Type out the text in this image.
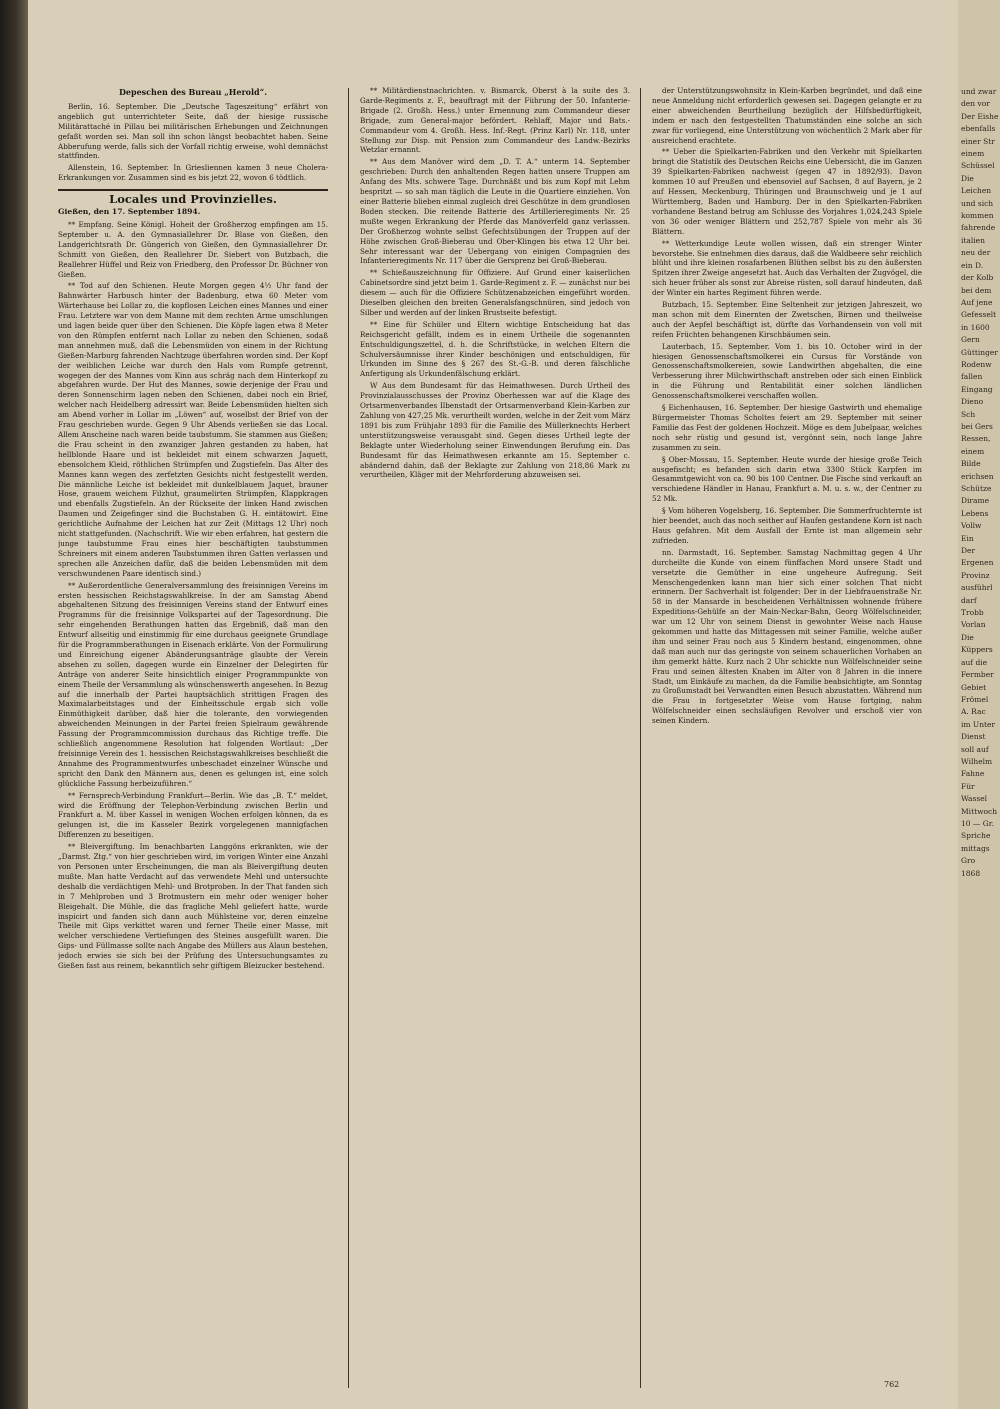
Depeschen des Bureau „Herold“.

Berlin, 16. September. Die „Deutsche Tageszeitung“ erfährt von angeblich gut unterrichteter Seite, daß der hiesige russische Militärattaché in Pillau bei militärischen Erhebungen und Zeichnungen gefaßt worden sei. Man soll ihn schon längst beobachtet haben. Seine Abberufung werde, falls sich der Vorfall richtig erweise, wohl demnächst stattfinden.

Allenstein, 16. September. In Griesliennen kamen 3 neue Cholera-Erkrankungen vor. Zusammen sind es bis jetzt 22, wovon 6 tödtlich.

Locales und Provinzielles.

Gießen, den 17. September 1894.

** Empfang. Seine Königl. Hoheit der Großherzog empfingen am 15. September u. A. den Gymnasiallehrer Dr. Blase von Gießen, den Landgerichtsrath Dr. Güngerich von Gießen, den Gymnasiallehrer Dr. Schmitt von Gießen, den Reallehrer Dr. Siebert von Butzbach, die Reallehrer Hüffel und Reiz von Friedberg, den Professor Dr. Büchner von Gießen.

** Tod auf den Schienen. Heute Morgen gegen 4½ Uhr fand der Bahnwärter Harbusch hinter der Badenburg, etwa 60 Meter vom Wärterhause bei Lollar zu, die kopflosen Leichen eines Mannes und einer Frau. Letztere war von dem Manne mit dem rechten Arme umschlungen und lagen beide quer über den Schienen. Die Köpfe lagen etwa 8 Meter von den Rümpfen entfernt nach Lollar zu neben den Schienen, sodaß man annehmen muß, daß die Lebensmüden von einem in der Richtung Gießen-Marburg fahrenden Nachtzuge überfahren worden sind. Der Kopf der weiblichen Leiche war durch den Hals vom Rumpfe getrennt, wogegen der des Mannes vom Kinn aus schräg nach dem Hinterkopf zu abgefahren wurde. Der Hut des Mannes, sowie derjenige der Frau und deren Sonnenschirm lagen neben den Schienen, dabei noch ein Brief, welcher nach Heidelberg adressirt war. Beide Lebensmüden hielten sich am Abend vorher in Lollar im „Löwen“ auf, woselbst der Brief von der Frau geschrieben wurde. Gegen 9 Uhr Abends verließen sie das Local. Allem Anscheine nach waren beide taubstumm. Sie stammen aus Gießen; die Frau scheint in den zwanziger Jahren gestanden zu haben, hat hellblonde Haare und ist bekleidet mit einem schwarzen Jaquett, ebensolchem Kleid, röthlichen Strümpfen und Zugstiefeln. Das Alter des Mannes kann wegen des zerfetzten Gesichts nicht festgestellt werden. Die männliche Leiche ist bekleidet mit dunkelblauem Jaquet, brauner Hose, grauem weichem Filzhut, graumelirten Strümpfen, Klappkragen und ebenfalls Zugstiefeln. An der Rückseite der linken Hand zwischen Daumen und Zeigefinger sind die Buchstaben G. H. eintätowirt. Eine gerichtliche Aufnahme der Leichen hat zur Zeit (Mittags 12 Uhr) noch nicht stattgefunden. (Nachschrift. Wie wir eben erfahren, hat gestern die junge taubstumme Frau eines hier beschäftigten taubstummen Schreiners mit einem anderen Taubstummen ihren Gatten verlassen und sprechen alle Anzeichen dafür, daß die beiden Lebensmüden mit dem verschwundenen Paare identisch sind.)

** Außerordentliche Generalversammlung des freisinnigen Vereins im ersten hessischen Reichstagswahlkreise. In der am Samstag Abend abgehaltenen Sitzung des freisinnigen Vereins stand der Entwurf eines Programms für die freisinnige Volkspartei auf der Tagesordnung. Die sehr eingehenden Berathungen hatten das Ergebniß, daß man den Entwurf allseitig und einstimmig für eine durchaus geeignete Grundlage für die Programmberathungen in Eisenach erklärte. Von der Formulirung und Einreichung eigener Abänderungsanträge glaubte der Verein absehen zu sollen, dagegen wurde ein Einzelner der Delegirten für Anträge von anderer Seite hinsichtlich einiger Programmpunkte von einem Theile der Versammlung als wünschenswerth angesehen. In Bezug auf die innerhalb der Partei hauptsächlich strittigen Fragen des Maximalarbeitstages und der Einheitsschule ergab sich volle Einmüthigkeit darüber, daß hier die tolerante, den vorwiegenden abweichenden Meinungen in der Partei freien Spielraum gewährende Fassung der Programmcommission durchaus das Richtige treffe. Die schließlich angenommene Resolution hat folgenden Wortlaut: „Der freisinnige Verein des 1. hessischen Reichstagswahlkreises beschließt die Annahme des Programmentwurfes unbeschadet einzelner Wünsche und spricht den Dank den Männern aus, denen es gelungen ist, eine solch glückliche Fassung herbeizuführen.“

** Fernsprech-Verbindung Frankfurt—Berlin. Wie das „B. T.“ meldet, wird die Eröffnung der Telephon-Verbindung zwischen Berlin und Frankfurt a. M. über Kassel in wenigen Wochen erfolgen können, da es gelungen ist, die im Kasseler Bezirk vorgelegenen mannigfachen Differenzen zu beseitigen.

** Bleivergiftung. Im benachbarten Langgöns erkrankten, wie der „Darmst. Ztg.“ von hier geschrieben wird, im vorigen Winter eine Anzahl von Personen unter Erscheinungen, die man als Bleivergiftung deuten mußte. Man hatte Verdacht auf das verwendete Mehl und untersuchte deshalb die verdächtigen Mehl- und Brotproben. In der That fanden sich in 7 Mehlproben und 3 Brotmustern ein mehr oder weniger hoher Bleigehalt. Die Mühle, die das fragliche Mehl geliefert hatte, wurde inspicirt und fanden sich dann auch Mühlsteine vor, deren einzelne Theile mit Gips verkittet waren und ferner Theile einer Masse, mit welcher verschiedene Vertiefungen des Steines ausgefüllt waren. Die Gips- und Füllmasse sollte nach Angabe des Müllers aus Alaun bestehen, jedoch erwies sie sich bei der Prüfung des Untersuchungsamtes zu Gießen fast aus reinem, bekanntlich sehr giftigem Bleizucker bestehend.

** Militärdienstnachrichten. v. Bismarck, Oberst à la suite des 3. Garde-Regiments z. F., beauftragt mit der Führung der 50. Infanterie-Brigade (2. Großh. Hess.) unter Ernennung zum Commandeur dieser Brigade, zum General-major befördert. Rehlaff, Major und Bats.-Commandeur vom 4. Großh. Hess. Inf.-Regt. (Prinz Karl) Nr. 118, unter Stellung zur Disp. mit Pension zum Commandeur des Landw.-Bezirks Wetzlar ernannt.

** Aus dem Manöver wird dem „D. T. A.“ unterm 14. September geschrieben: Durch den anhaltenden Regen hatten unsere Truppen am Anfang des Mts. schwere Tage. Durchnäßt und bis zum Kopf mit Lehm bespritzt — so sah man täglich die Leute in die Quartiere einziehen. Von einer Batterie blieben einmal zugleich drei Geschütze in dem grundlosen Boden stecken. Die reitende Batterie des Artillerieregiments Nr. 25 mußte wegen Erkrankung der Pferde das Manöverfeld ganz verlassen. Der Großherzog wohnte selbst Gefechtsübungen der Truppen auf der Höhe zwischen Groß-Bieberau und Ober-Klingen bis etwa 12 Uhr bei. Sehr interessant war der Uebergang von einigen Compagnien des Infanterieregiments Nr. 117 über die Gersprenz bei Groß-Bieberau.

** Schießauszeichnung für Offiziere. Auf Grund einer kaiserlichen Cabinetsordre sind jetzt beim 1. Garde-Regiment z. F. — zunächst nur bei diesem — auch für die Offiziere Schützenabzeichen eingeführt worden. Dieselben gleichen den breiten Generalsfangschnüren, sind jedoch von Silber und werden auf der linken Brustseite befestigt.

** Eine für Schüler und Eltern wichtige Entscheidung hat das Reichsgericht gefällt, indem es in einem Urtheile die sogenannten Entschuldigungszettel, d. h. die Schriftstücke, in welchen Eltern die Schulversäumnisse ihrer Kinder beschönigen und entschuldigen, für Urkunden im Sinne des § 267 des St.-G.-B. und deren fälschliche Anfertigung als Urkundenfälschung erklärt.

W Aus dem Bundesamt für das Heimathwesen. Durch Urtheil des Provinzialausschusses der Provinz Oberhessen war auf die Klage des Ortsarmenverbandes Ilbenstadt der Ortsarmenverband Klein-Karben zur Zahlung von 427,25 Mk. verurtheilt worden, welche in der Zeit vom März 1891 bis zum Frühjahr 1893 für die Familie des Müllerknechts Herbert unterstützungsweise verausgabt sind. Gegen dieses Urtheil legte der Beklagte unter Wiederholung seiner Einwendungen Berufung ein. Das Bundesamt für das Heimathwesen erkannte am 15. September c. abändernd dahin, daß der Beklagte zur Zahlung von 218,86 Mark zu verurtheilen, Kläger mit der Mehrforderung abzuweisen sei.

der Unterstützungswohnsitz in Klein-Karben begründet, und daß eine neue Anmeldung nicht erforderlich gewesen sei. Dagegen gelangte er zu einer abweichenden Beurtheilung bezüglich der Hilfsbedürftigkeit, indem er nach den festgestellten Thatumständen eine solche an sich zwar für vorliegend, eine Unterstützung von wöchentlich 2 Mark aber für ausreichend erachtete.

** Ueber die Spielkarten-Fabriken und den Verkehr mit Spielkarten bringt die Statistik des Deutschen Reichs eine Uebersicht, die im Ganzen 39 Spielkarten-Fabriken nachweist (gegen 47 in 1892/93). Davon kommen 10 auf Preußen und ebensoviel auf Sachsen, 8 auf Bayern, je 2 auf Hessen, Meckenburg, Thüringen und Braunschweig und je 1 auf Württemberg, Baden und Hamburg. Der in den Spielkarten-Fabriken vorhandene Bestand betrug am Schlusse des Vorjahres 1,024,243 Spiele von 36 oder weniger Blättern und 252,787 Spiele von mehr als 36 Blättern.

** Wetterkundige Leute wollen wissen, daß ein strenger Winter bevorstehe. Sie entnehmen dies daraus, daß die Waldbeere sehr reichlich blüht und ihre kleinen rosafarbenen Blüthen selbst bis zu den äußersten Spitzen ihrer Zweige angesetzt hat. Auch das Verhalten der Zugvögel, die sich heuer früher als sonst zur Abreise rüsten, soll darauf hindeuten, daß der Winter ein hartes Regiment führen werde.

Butzbach, 15. September. Eine Seltenheit zur jetzigen Jahreszeit, wo man schon mit dem Einernten der Zwetschen, Birnen und theilweise auch der Aepfel beschäftigt ist, dürfte das Vorhandensein von voll mit reifen Früchten behangenen Kirschbäumen sein.

Lauterbach, 15. September. Vom 1. bis 10. October wird in der hiesigen Genossenschaftsmolkerei ein Cursus für Vorstände von Genossenschaftsmolkereien, sowie Landwirthen abgehalten, die eine Verbesserung ihrer Milchwirthschaft anstreben oder sich einen Einblick in die Führung und Rentabilität einer solchen ländlichen Genossenschaftsmolkerei verschaffen wollen.

§ Eichenhausen, 16. September. Der hiesige Gastwirth und ehemalige Bürgermeister Thomas Scholtes feiert am 29. September mit seiner Familie das Fest der goldenen Hochzeit. Möge es dem Jubelpaar, welches noch sehr rüstig und gesund ist, vergönnt sein, noch lange Jahre zusammen zu sein.

§ Ober-Mossau, 15. September. Heute wurde der hiesige große Teich ausgefischt; es befanden sich darin etwa 3300 Stück Karpfen im Gesammtgewicht von ca. 90 bis 100 Centner. Die Fische sind verkauft an verschiedene Händler in Hanau, Frankfurt a. M. u. s. w., der Centner zu 52 Mk.

§ Vom höheren Vogelsberg, 16. September. Die Sommerfruchternte ist hier beendet, auch das noch seither auf Haufen gestandene Korn ist nach Haus gefahren. Mit dem Ausfall der Ernte ist man allgemein sehr zufrieden.

nn. Darmstadt, 16. September. Samstag Nachmittag gegen 4 Uhr durcheilte die Kunde von einem fünffachen Mord unsere Stadt und versetzte die Gemüther in eine ungeheure Aufregung. Seit Menschengedenken kann man hier sich einer solchen That nicht erinnern. Der Sachverhalt ist folgender: Der in der Liebfrauenstraße Nr. 58 in der Mansarde in bescheidenen Verhältnissen wohnende frühere Expeditions-Gehülfe an der Main-Neckar-Bahn, Georg Wölfelschneider, war um 12 Uhr von seinem Dienst in gewohnter Weise nach Hause gekommen und hatte das Mittagessen mit seiner Familie, welche außer ihm und seiner Frau noch aus 5 Kindern bestand, eingenommen, ohne daß man auch nur das geringste von seinem schauerlichen Vorhaben an ihm gemerkt hätte. Kurz nach 2 Uhr schickte nun Wölfelschneider seine Frau und seinen ältesten Knaben im Alter von 8 Jahren in die innere Stadt, um Einkäufe zu machen, da die Familie beabsichtigte, am Sonntag zu Großumstadt bei Verwandten einen Besuch abzustatten. Während nun die Frau in fortgesetzter Weise vom Hause fortging, nahm Wölfelschneider einen sechsläufigen Revolver und erschoß vier von seinen Kindern.

und zwar
den vor
Der Eishe
ebenfalls
einer Str
einem
Schüssel
Die
Leichen
und sich
kommen
fahrende
italien
neu der
ein D.
der Kolb
bei dem
Auf jene
Gefesselt
in 1600
Gern
Güttinger
Rodenw
fallen
Eingang
Dieno
Sch
bei Gers
Ressen,
einem
Bilde
erichsen
Schütze
Dirame
Lebens
Vollw
Ein
Der
Ergenen
Provinz
ausführl
darf
Trobb
Vorlan
Die
Küppers
auf die
Fermber
Gebiet
Frömel
A. Rac
im Unter
Dienst
soll auf
Wilhelm
Fahne
Für
Wassel
Mittwoch
10 — Gr.
Spriche
mittags
Gro
1868
762
